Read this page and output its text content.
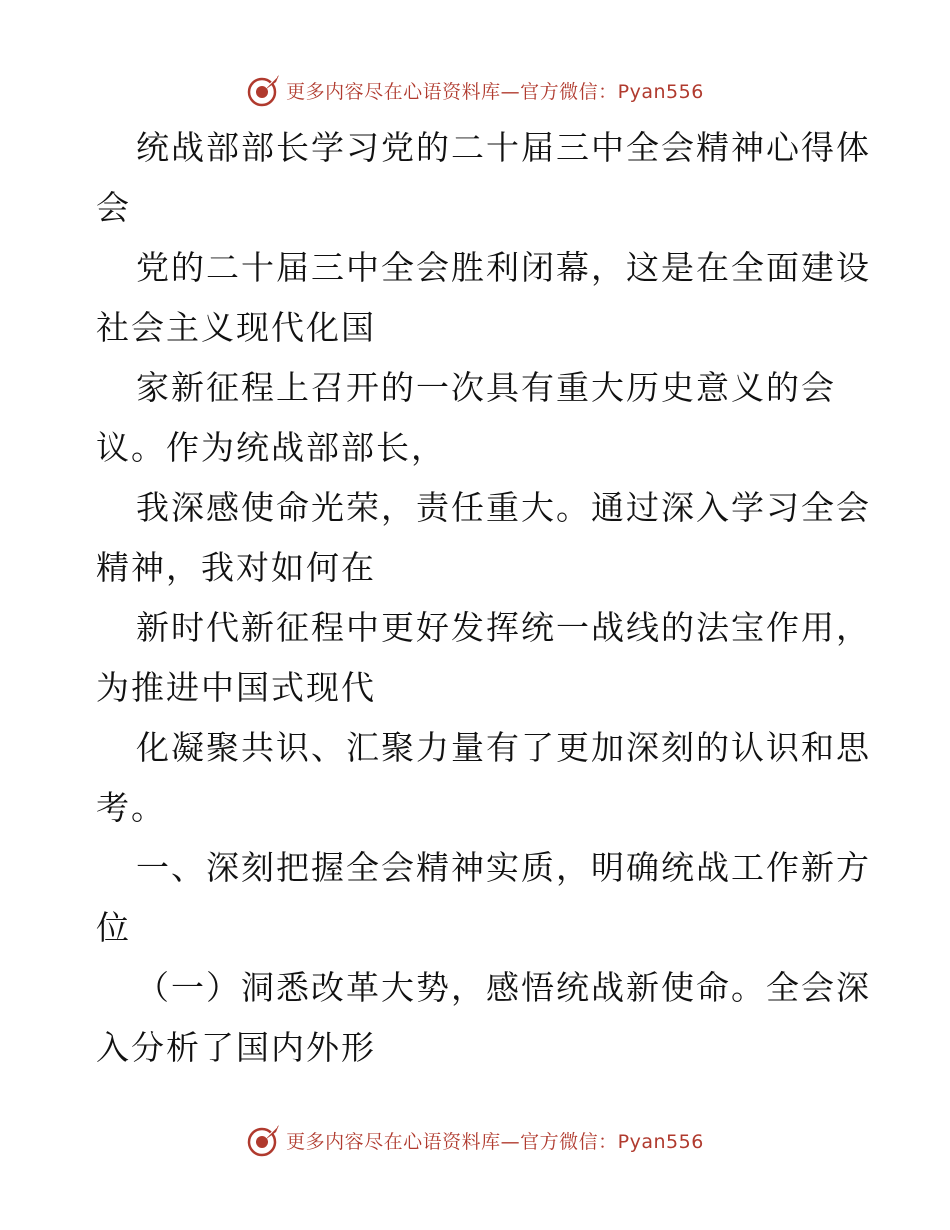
更多内容尽在心语资料库—官方微信：Pyan556

统战部部长学习党的二十届三中全会精神心得体
会

党的二十届三中全会胜利闭幕，这是在全面建设
社会主义现代化国

家新征程上召开的一次具有重大历史意义的会
议。作为统战部部长，

我深感使命光荣，责任重大。通过深入学习全会
精神，我对如何在

新时代新征程中更好发挥统一战线的法宝作用，
为推进中国式现代

化凝聚共识、汇聚力量有了更加深刻的认识和思
考。

一、深刻把握全会精神实质，明确统战工作新方
位

（一）洞悉改革大势，感悟统战新使命。全会深
入分析了国内外形

更多内容尽在心语资料库—官方微信：Pyan556
